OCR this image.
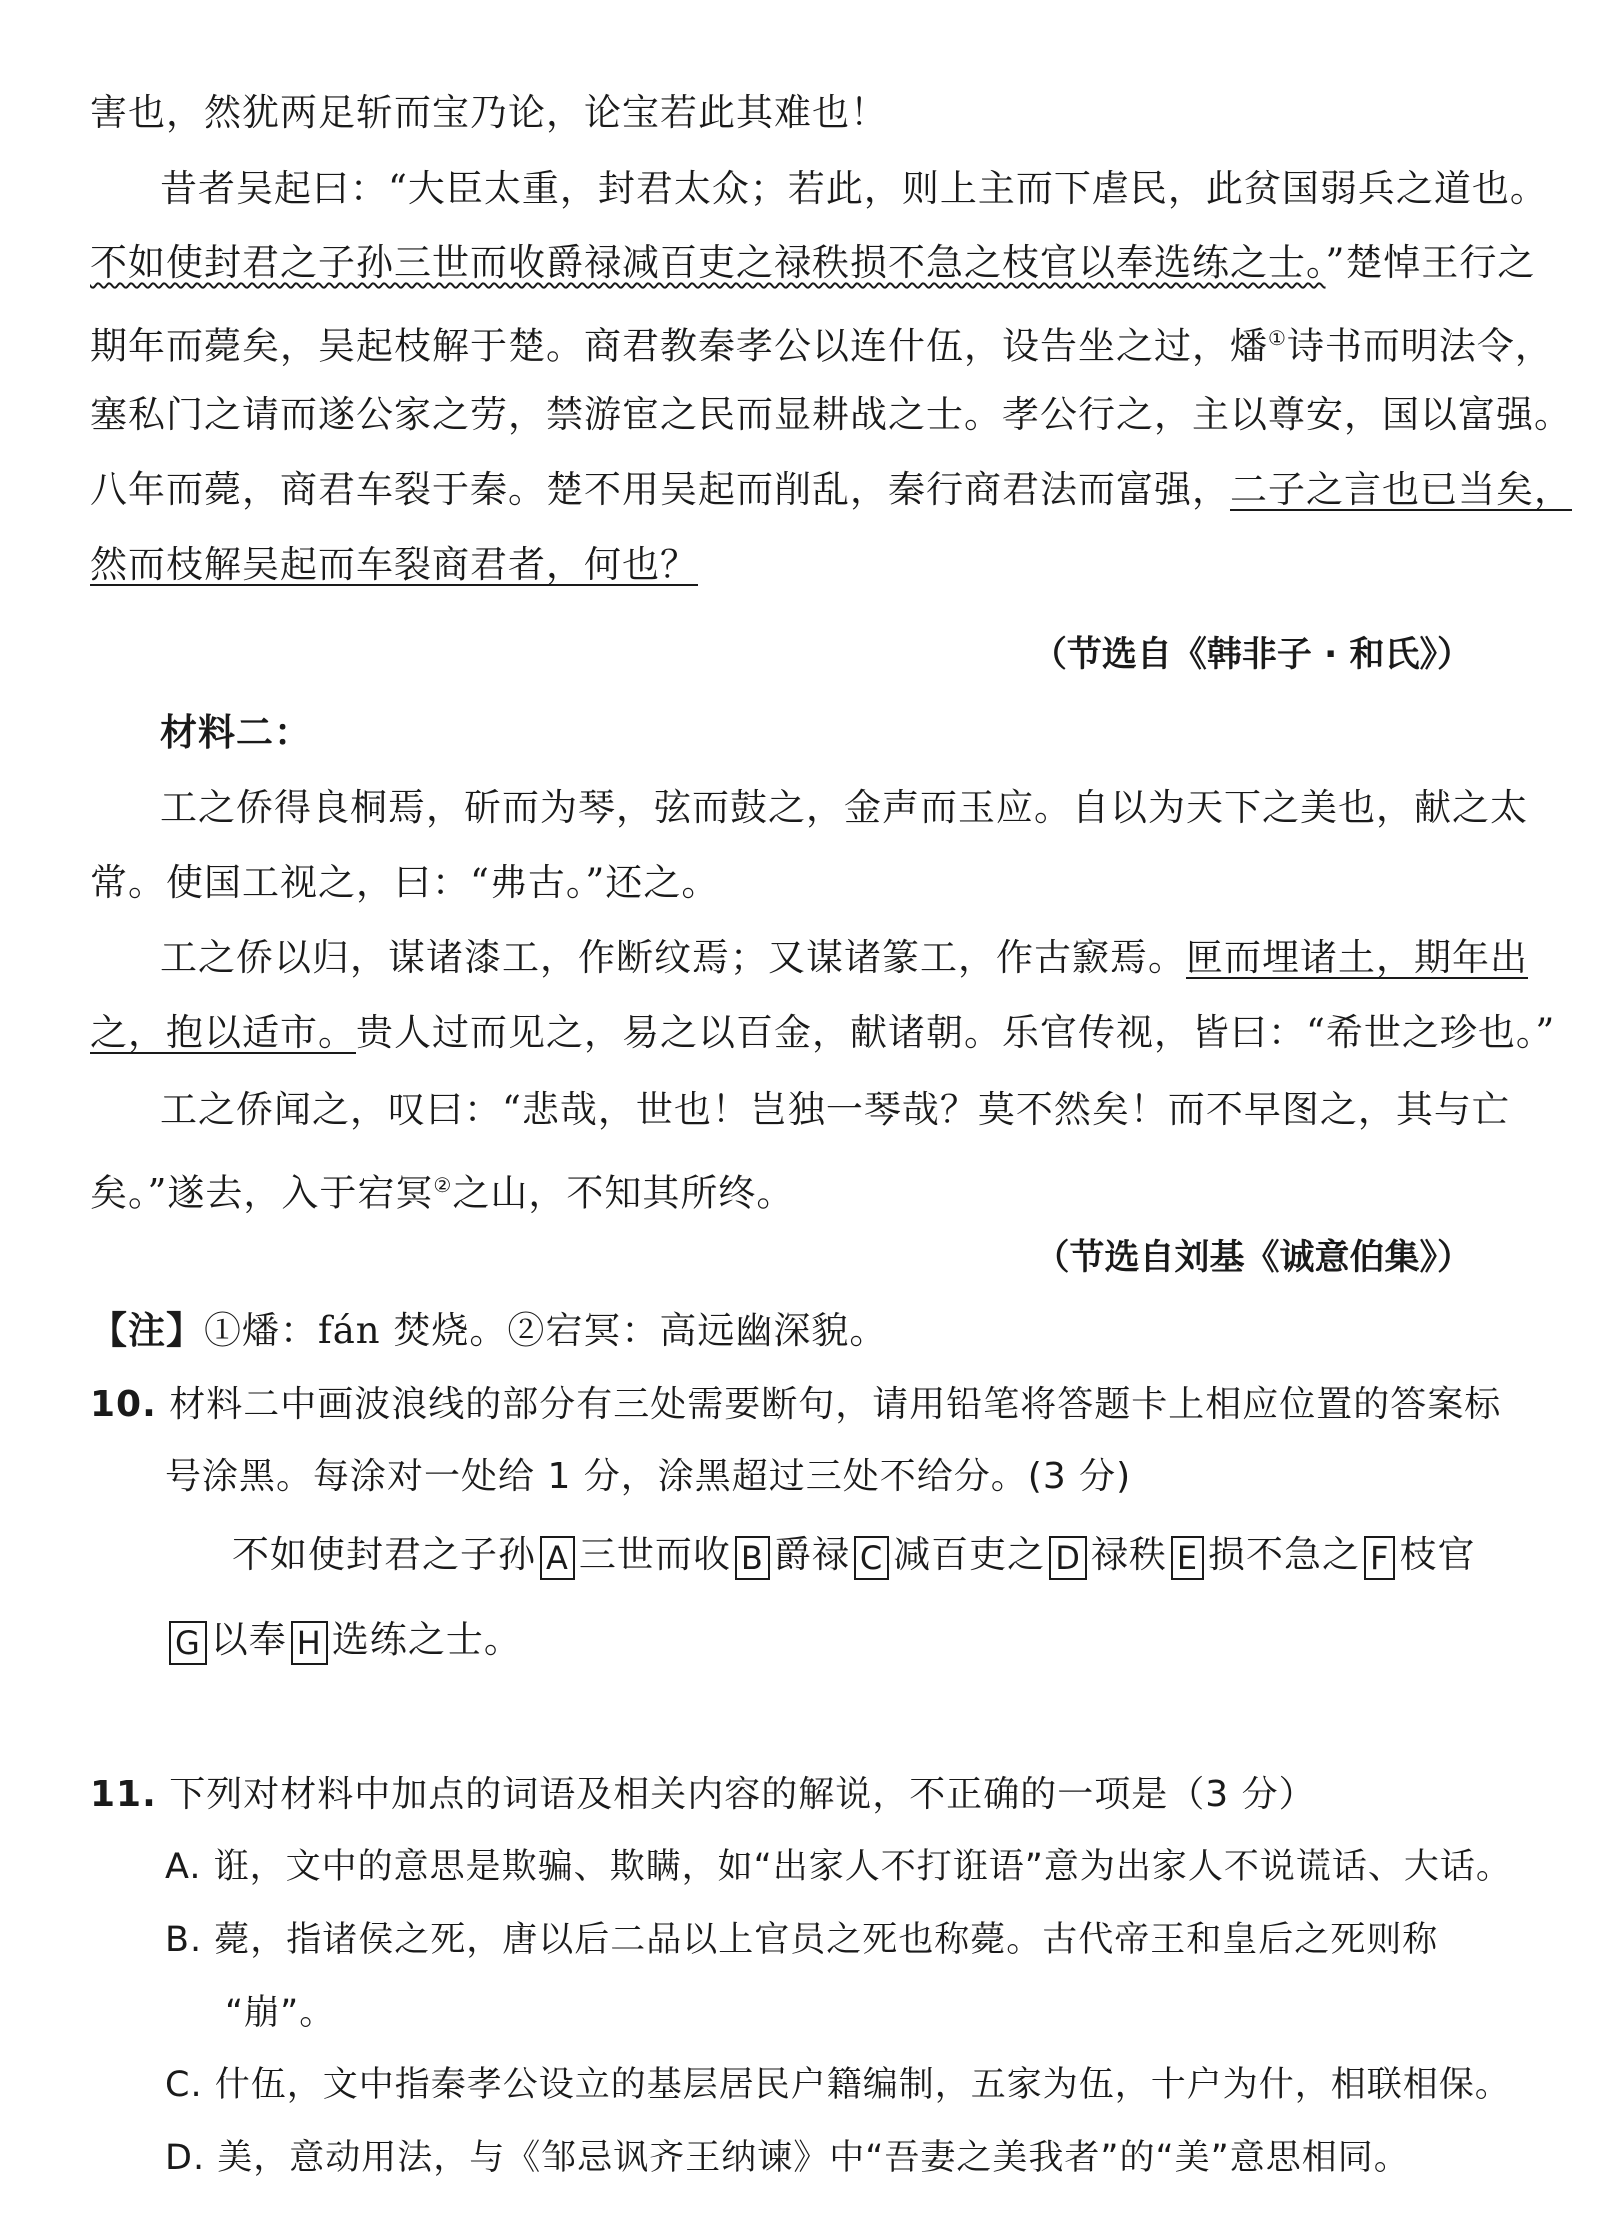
害也，然犹两足斩而宝乃论，论宝若此其难也！
昔者吴起曰：“大臣太重，封君太众；若此，则上主而下虐民，此贫国弱兵之道也。
不如使封君之子孙三世而收爵禄减百吏之禄秩损不急之枝官以奉选练之士。”楚悼王行之
期年而薨矣，吴起枝解于楚。商君教秦孝公以连什伍，设告坐之过，燔①诗书而明法令，
塞私门之请而遂公家之劳，禁游宦之民而显耕战之士。孝公行之，主以尊安，国以富强。
八年而薨，商君车裂于秦。楚不用吴起而削乱，秦行商君法而富强，二子之言也已当矣，
然而枝解吴起而车裂商君者，何也？
（节选自《韩非子 · 和氏》）
材料二：
工之侨得良桐焉，斫而为琴，弦而鼓之，金声而玉应。自以为天下之美也，献之太
常。使国工视之，曰：“弗古。”还之。
工之侨以归，谋诸漆工，作断纹焉；又谋诸篆工，作古窾焉。匣而埋诸土，期年出
之，抱以适市。贵人过而见之，易之以百金，献诸朝。乐官传视，皆曰：“希世之珍也。”
工之侨闻之，叹曰：“悲哉，世也！岂独一琴哉？莫不然矣！而不早图之，其与亡
矣。”遂去，入于宕冥②之山，不知其所终。
（节选自刘基《诚意伯集》）
【注】①燔：fán 焚烧。②宕冥：高远幽深貌。
10. 材料二中画波浪线的部分有三处需要断句，请用铅笔将答题卡上相应位置的答案标
号涂黑。每涂对一处给 1 分，涂黑超过三处不给分。(3 分)
不如使封君之子孙 A 三世而收 B 爵禄 C 减百吏之 D 禄秩 E 损不急之 F 枝官
G 以奉 H 选练之士。
11. 下列对材料中加点的词语及相关内容的解说，不正确的一项是（3 分）
A. 诳，文中的意思是欺骗、欺瞒，如“出家人不打诳语”意为出家人不说谎话、大话。
B. 薨，指诸侯之死，唐以后二品以上官员之死也称薨。古代帝王和皇后之死则称
“崩”。
C. 什伍，文中指秦孝公设立的基层居民户籍编制，五家为伍，十户为什，相联相保。
D. 美，意动用法，与《邹忌讽齐王纳谏》中“吾妻之美我者”的“美”意思相同。
